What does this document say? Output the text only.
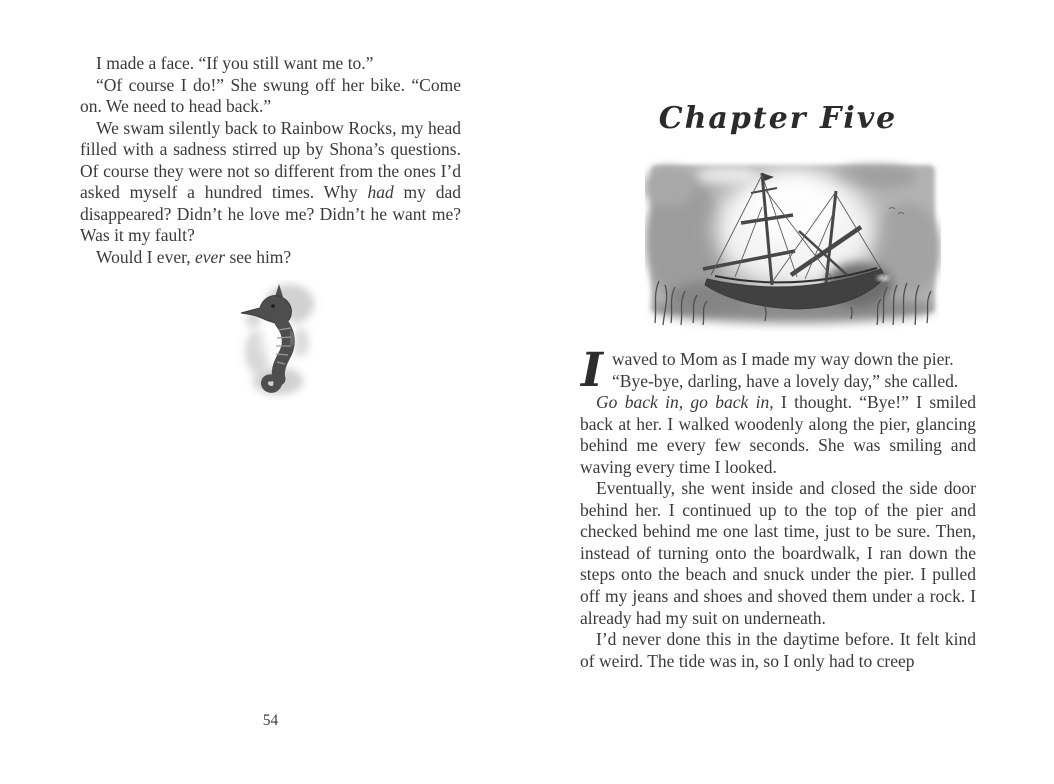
I made a face. “If you still want me to.”

“Of course I do!” She swung off her bike. “Come on. We need to head back.”

We swam silently back to Rainbow Rocks, my head filled with a sadness stirred up by Shona’s questions. Of course they were not so different from the ones I’d asked myself a hundred times. Why had my dad disappeared? Didn’t he love me? Didn’t he want me? Was it my fault?

Would I ever, ever see him?

54
Chapter Five
I waved to Mom as I made my way down the pier.

“Bye-bye, darling, have a lovely day,” she called.

Go back in, go back in, I thought. “Bye!” I smiled back at her. I walked woodenly along the pier, glancing behind me every few seconds. She was smiling and waving every time I looked.

Eventually, she went inside and closed the side door behind her. I continued up to the top of the pier and checked behind me one last time, just to be sure. Then, instead of turning onto the boardwalk, I ran down the steps onto the beach and snuck under the pier. I pulled off my jeans and shoes and shoved them under a rock. I already had my suit on underneath.

I’d never done this in the daytime before. It felt kind of weird. The tide was in, so I only had to creep
